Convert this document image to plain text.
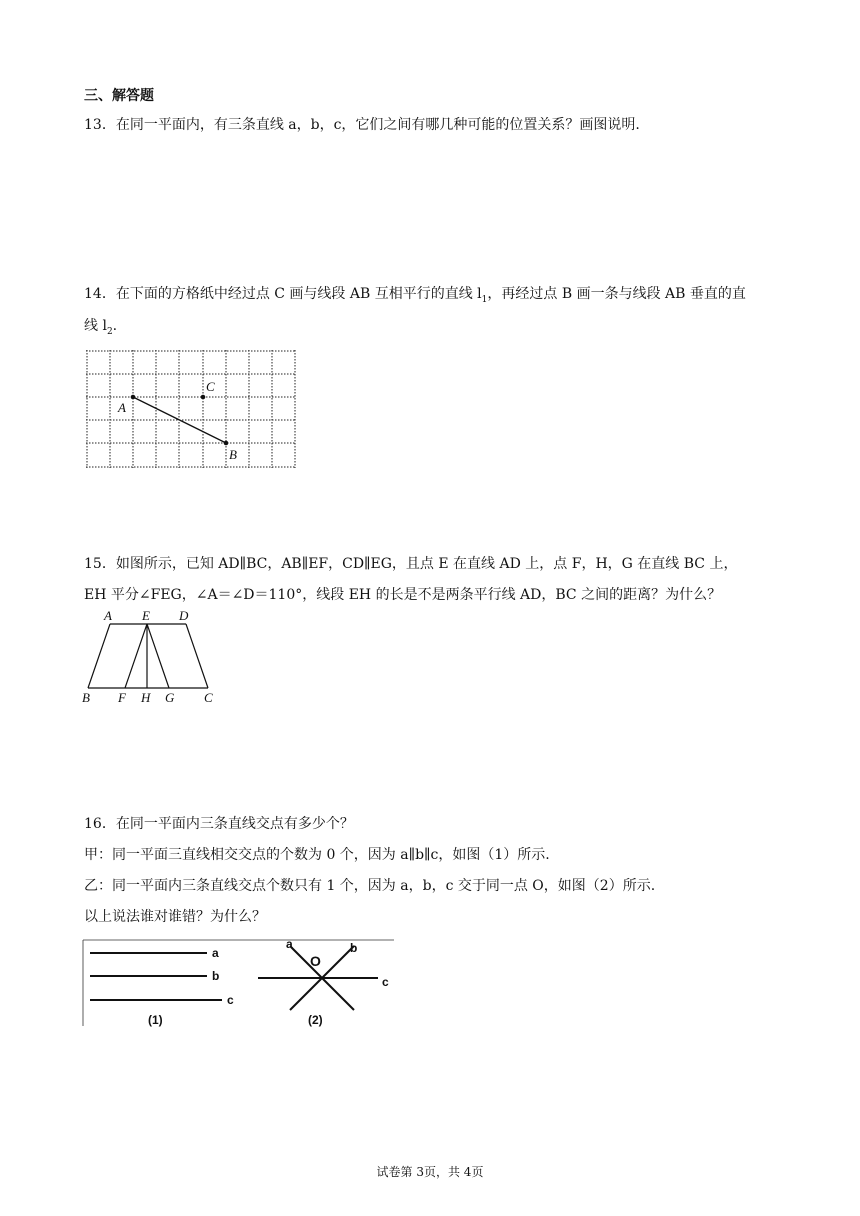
三、解答题
13．在同一平面内，有三条直线 a，b，c，它们之间有哪几种可能的位置关系？画图说明.
14．在下面的方格纸中经过点 C 画与线段 AB 互相平行的直线 $l_1$，再经过点 B 画一条与线段 AB 垂直的直
线 $l_2$.
A
B
C
15．如图所示，已知 AD∥BC，AB∥EF，CD∥EG，且点 E 在直线 AD 上，点 F，H，G 在直线 BC 上，
EH 平分∠FEG，∠A＝∠D＝110°，线段 EH 的长是不是两条平行线 AD，BC 之间的距离？为什么？
A E D
B F H G C
16．在同一平面内三条直线交点有多少个？
甲：同一平面三直线相交交点的个数为 0 个，因为 a∥b∥c，如图（1）所示.
乙：同一平面内三条直线交点个数只有 1 个，因为 a，b，c 交于同一点 O，如图（2）所示.
以上说法谁对谁错？为什么？
a
b
c
(1)
a	b
c
O
(2)
试卷第 3页，共 4页
